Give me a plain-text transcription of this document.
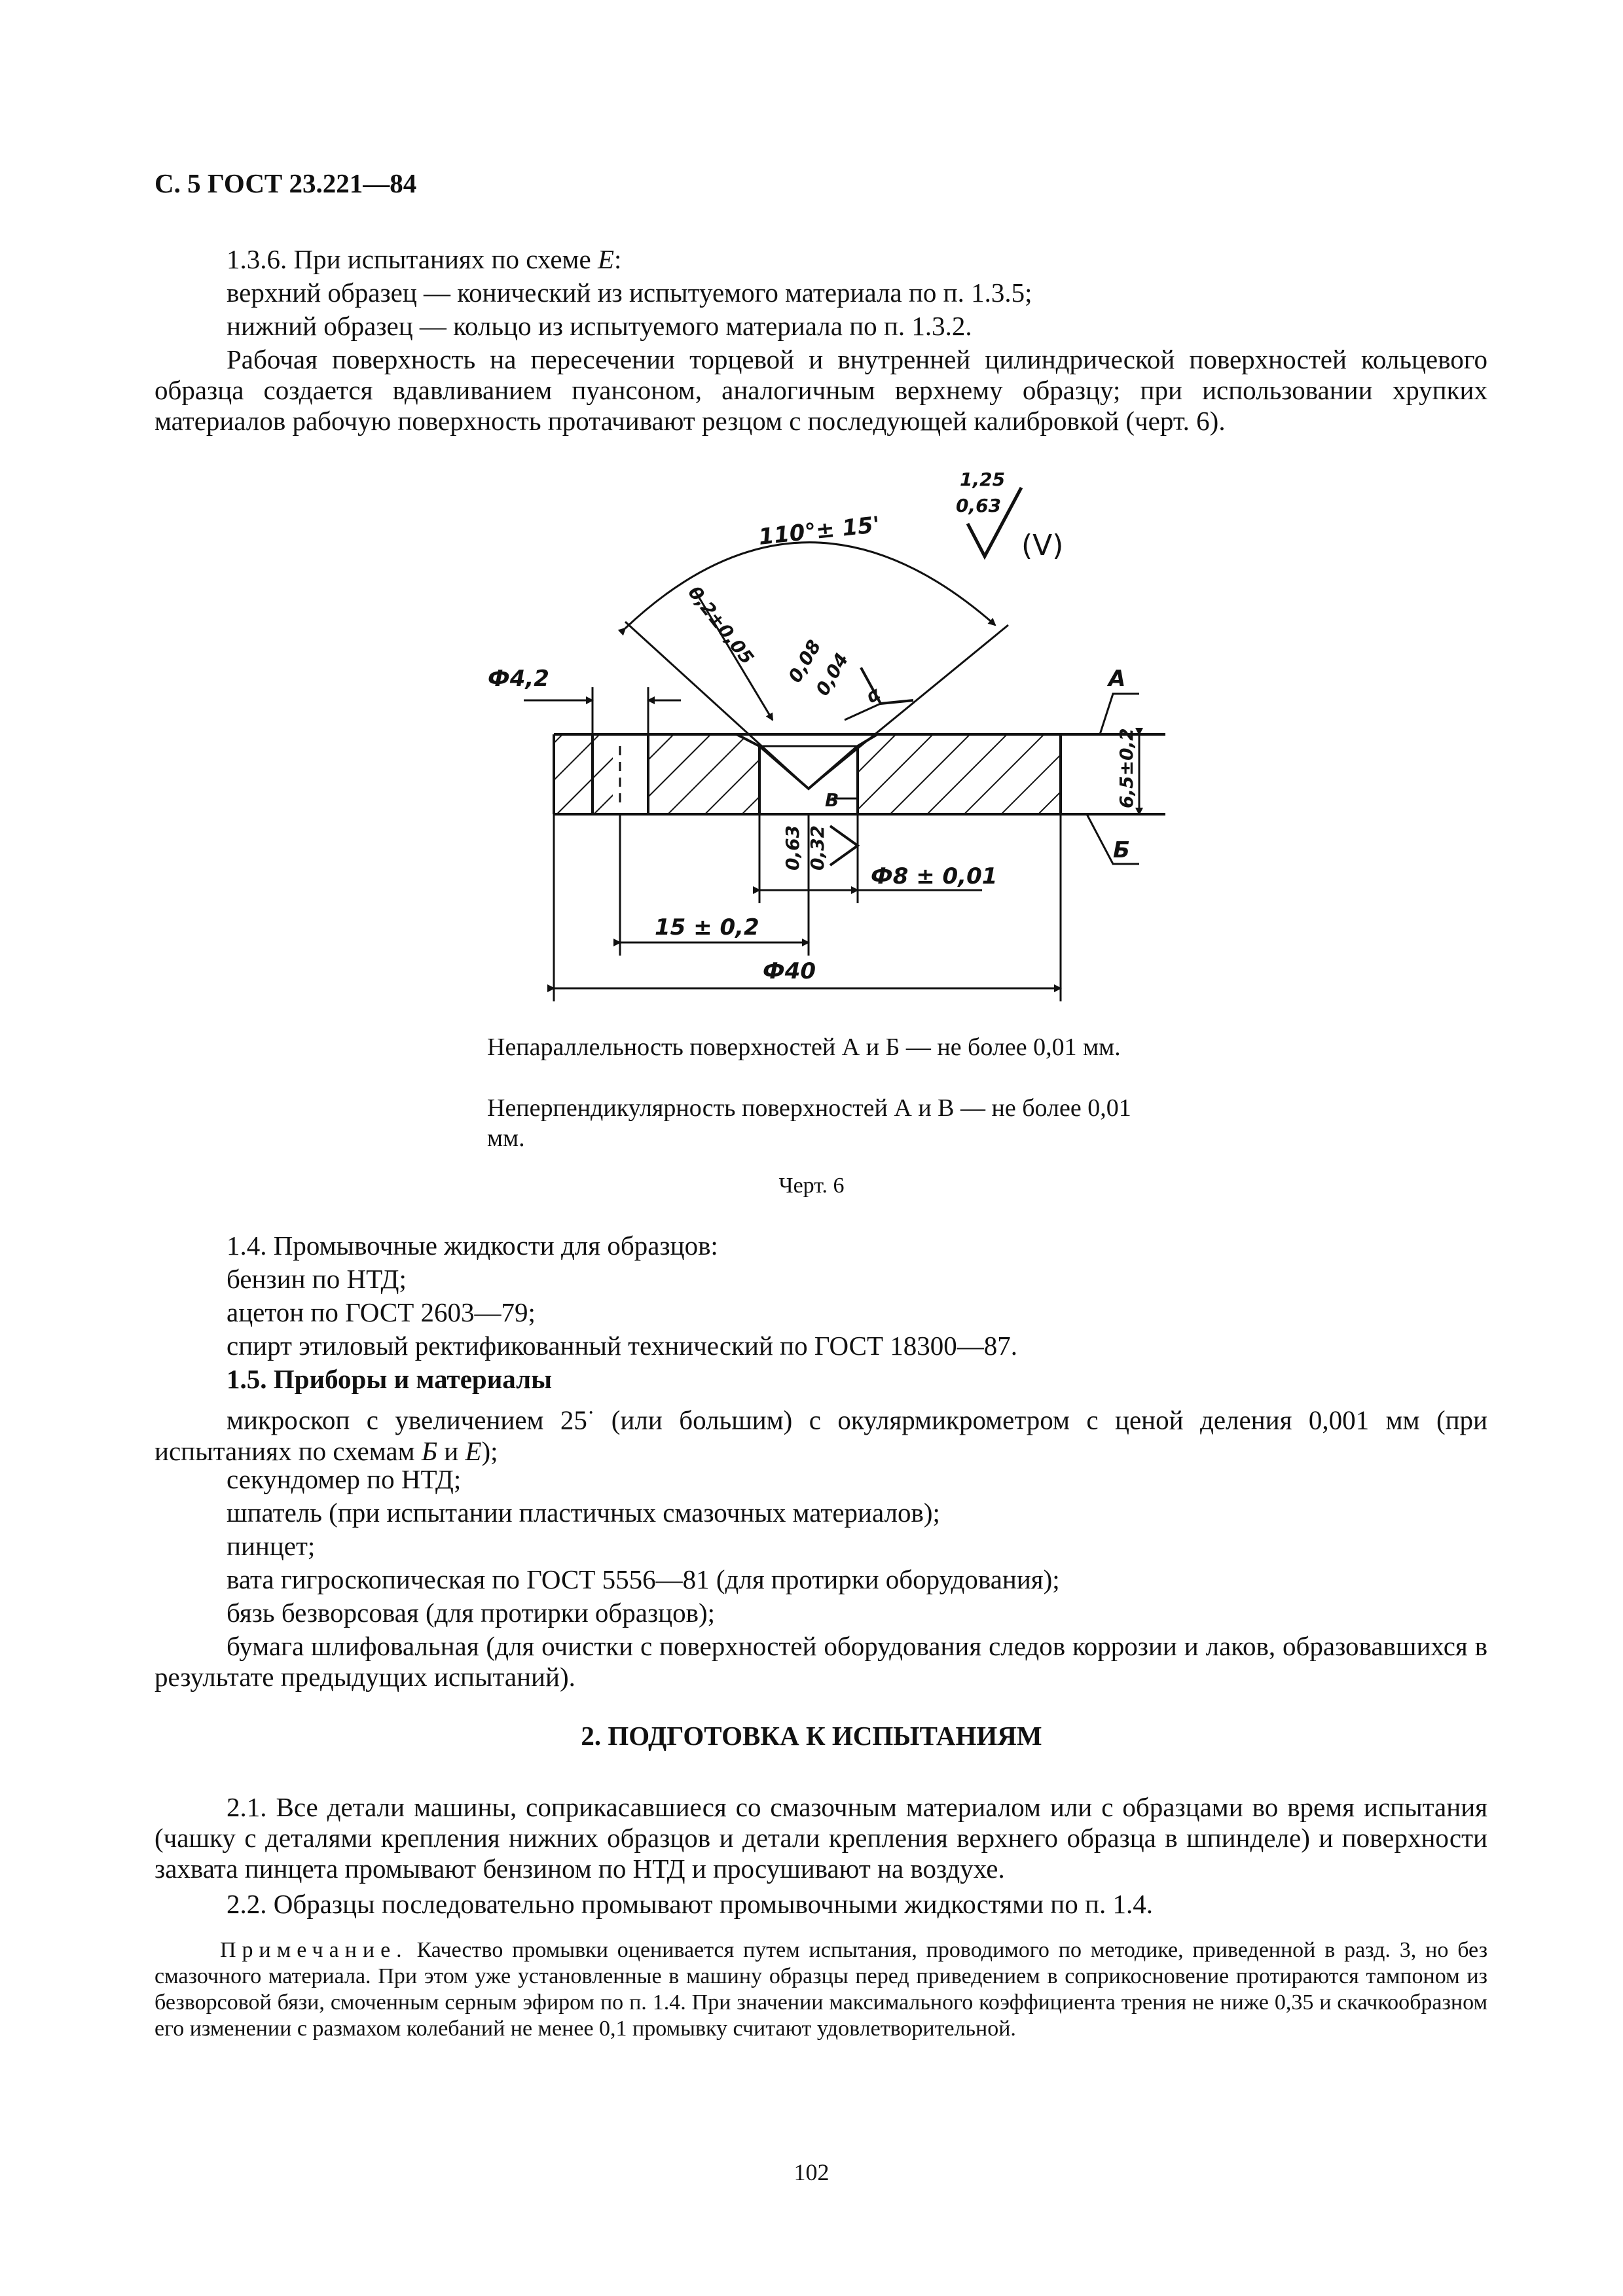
С. 5 ГОСТ 23.221—84
1.3.6. При испытаниях по схеме Е:
верхний образец — конический из испытуемого материала по п. 1.3.5;
нижний образец — кольцо из испытуемого материала по п. 1.3.2.

Рабочая поверхность на пересечении торцевой и внутренней цилиндрической поверхностей кольцевого образца создается вдавливанием пуансоном, аналогичным верхнему образцу; при использовании хрупких материалов рабочую поверхность протачивают резцом с последующей калибровкой (черт. 6).

110°± 15'
1,25
0,63
(V)
0,2±0,05 0,08
0,04 α
Ф4,2	А
Б
6,5±0,2
В
0,63 0,32
Ф8 ± 0,01
15 ± 0,2
Ф40
Непараллельность поверхностей А и Б — не более 0,01 мм.
Неперпендикулярность поверхностей А и В — не более 0,01 мм.
Черт. 6
1.4. Промывочные жидкости для образцов:
бензин по НТД;
ацетон по ГОСТ 2603—79;
спирт этиловый ректификованный технический по ГОСТ 18300—87.
1.5. Приборы и материалы

микроскоп с увеличением 25· (или большим) с окулярмикрометром с ценой деления 0,001 мм (при испытаниях по схемам Б и Е);

секундомер по НТД;
шпатель (при испытании пластичных смазочных материалов);
пинцет;
вата гигроскопическая по ГОСТ 5556—81 (для протирки оборудования);
бязь безворсовая (для протирки образцов);

бумага шлифовальная (для очистки с поверхностей оборудования следов коррозии и лаков, образовавшихся в результате предыдущих испытаний).

2. ПОДГОТОВКА К ИСПЫТАНИЯМ

2.1. Все детали машины, соприкасавшиеся со смазочным материалом или с образцами во время испытания (чашку с деталями крепления нижних образцов и детали крепления верхнего образца в шпинделе) и поверхности захвата пинцета промывают бензином по НТД и просушивают на воздухе.

2.2. Образцы последовательно промывают промывочными жидкостями по п. 1.4.

Примечание. Качество промывки оценивается путем испытания, проводимого по методике, приведенной в разд. 3, но без смазочного материала. При этом уже установленные в машину образцы перед приведением в соприкосновение протираются тампоном из безворсовой бязи, смоченным серным эфиром по п. 1.4. При значении максимального коэффициента трения не ниже 0,35 и скачкообразном его изменении с размахом колебаний не менее 0,1 промывку считают удовлетворительной.

102
